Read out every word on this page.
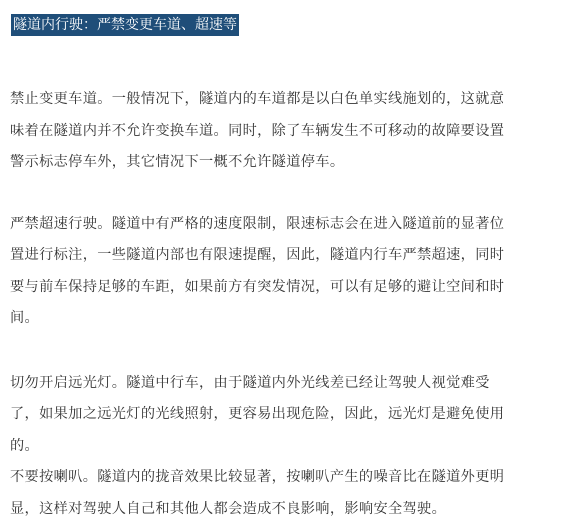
隧道内行驶：严禁变更车道、超速等

禁止变更车道。一般情况下，隧道内的车道都是以白色单实线施划的，这就意
味着在隧道内并不允许变换车道。同时，除了车辆发生不可移动的故障要设置
警示标志停车外，其它情况下一概不允许隧道停车。

严禁超速行驶。隧道中有严格的速度限制，限速标志会在进入隧道前的显著位
置进行标注，一些隧道内部也有限速提醒，因此，隧道内行车严禁超速，同时
要与前车保持足够的车距，如果前方有突发情况，可以有足够的避让空间和时
间。

切勿开启远光灯。隧道中行车，由于隧道内外光线差已经让驾驶人视觉难受
了，如果加之远光灯的光线照射，更容易出现危险，因此，远光灯是避免使用
的。
不要按喇叭。隧道内的拢音效果比较显著，按喇叭产生的噪音比在隧道外更明
显，这样对驾驶人自己和其他人都会造成不良影响，影响安全驾驶。
